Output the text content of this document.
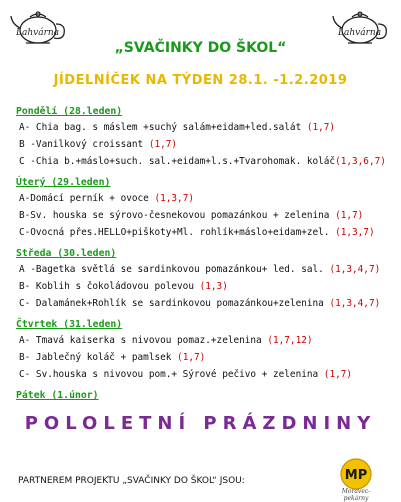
Lahvárna	Lahvárna
„SVAČINKY DO ŠKOL“
JÍDELNÍČEK NA TÝDEN 28.1. -1.2.2019
Pondělí (28.leden)
A- Chia bag. s máslem +suchý salám+eidam+led.salát (1,7)
B -Vanilkový croissant (1,7)
C -Chia b.+máslo+such. sal.+eidam+l.s.+Tvarohomak. koláč(1,3,6,7)
Úterý (29.leden)
A-Domácí perník + ovoce (1,3,7)
B-Sv. houska se sýrovo-česnekovou pomazánkou + zelenina (1,7)
C-Ovocná přes.HELLO+piškoty+Ml. rohlík+máslo+eidam+zel. (1,3,7)
Středa (30.leden)
A -Bagetka světlá se sardinkovou pomazánkou+ led. sal. (1,3,4,7)
B- Koblih s čokoládovou polevou (1,3)
C- Dalamánek+Rohlík se sardinkovou pomazánkou+zelenina (1,3,4,7)
Čtvrtek (31.leden)
A- Tmavá kaiserka s nivovou pomaz.+zelenina (1,7,12)
B- Jablečný koláč + pamlsek (1,7)
C- Sv.houska s nivovou pom.+ Sýrové pečivo + zelenina (1,7)
Pátek (1.únor)
POLOLETNÍ PRÁZDNINY
PARTNEREM PROJEKTU „SVAČINKY DO ŠKOL“ JSOU:	MP
Moravec-pekárny
